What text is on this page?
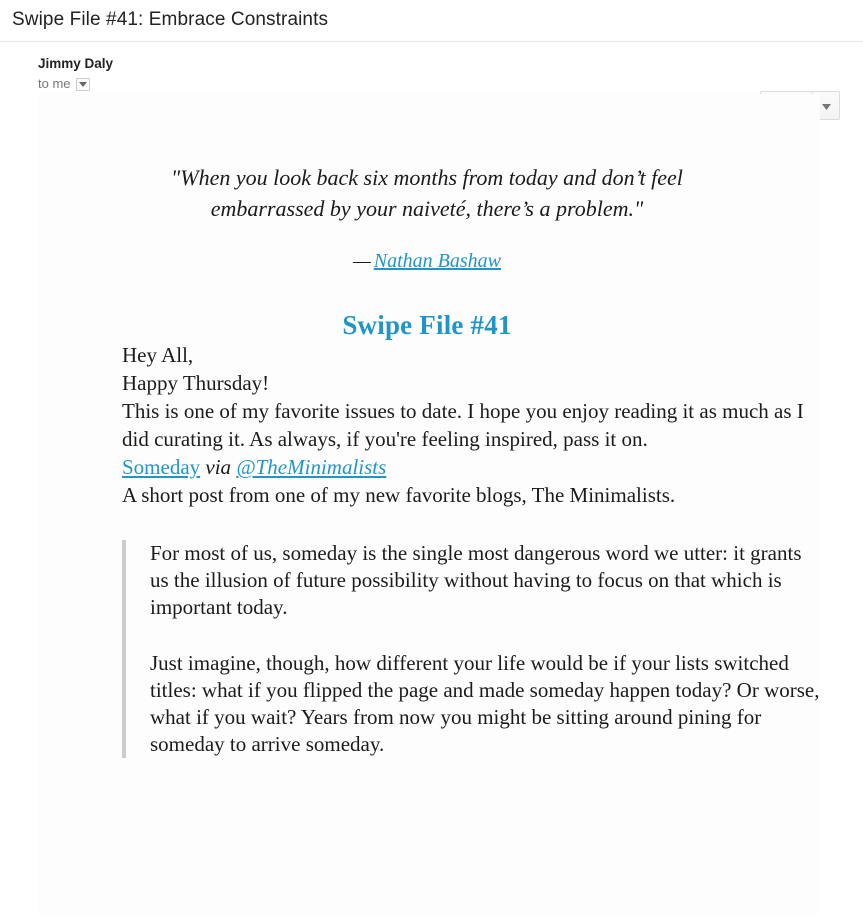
Swipe File #41: Embrace Constraints
Jimmy Daly
to me
"When you look back six months from today and don’t feel embarrassed by your naiveté, there’s a problem."
— Nathan Bashaw
Swipe File #41

Hey All,

Happy Thursday!

This is one of my favorite issues to date. I hope you enjoy reading it as much as I did curating it. As always, if you're feeling inspired, pass it on.

Someday via @TheMinimalists

A short post from one of my new favorite blogs, The Minimalists.

For most of us, someday is the single most dangerous word we utter: it grants us the illusion of future possibility without having to focus on that which is important today.

Just imagine, though, how different your life would be if your lists switched titles: what if you flipped the page and made someday happen today? Or worse, what if you wait? Years from now you might be sitting around pining for someday to arrive someday.
